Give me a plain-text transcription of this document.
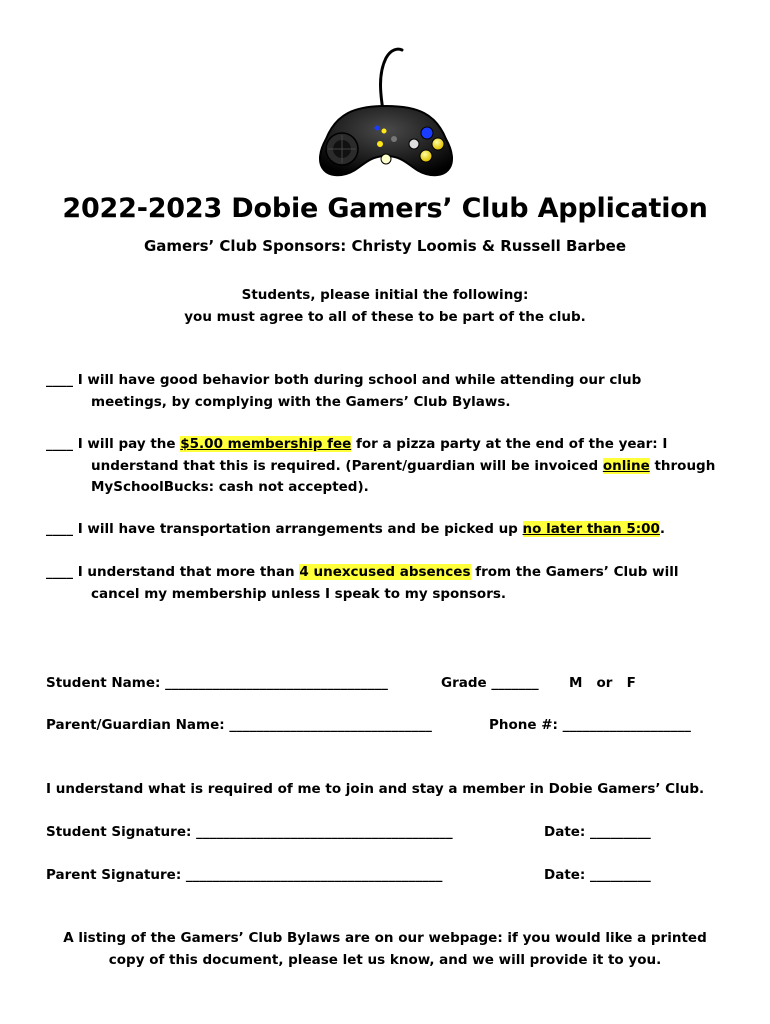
2022-2023 Dobie Gamers’ Club Application
Gamers’ Club Sponsors: Christy Loomis & Russell Barbee
Students, please initial the following:
you must agree to all of these to be part of the club.
____ I will have good behavior both during school and while attending our club
meetings, by complying with the Gamers’ Club Bylaws.
____ I will pay the $5.00 membership fee for a pizza party at the end of the year: I
understand that this is required. (Parent/guardian will be invoiced online through
MySchoolBucks: cash not accepted).
____ I will have transportation arrangements and be picked up no later than 5:00.
____ I understand that more than 4 unexcused absences from the Gamers’ Club will
cancel my membership unless I speak to my sponsors.
Student Name: _________________________________	Grade _______ M   or   F
Parent/Guardian Name: ______________________________	Phone #: ___________________
I understand what is required of me to join and stay a member in Dobie Gamers’ Club.
Student Signature: ______________________________________	Date: _________
Parent Signature: ______________________________________	Date: _________
A listing of the Gamers’ Club Bylaws are on our webpage: if you would like a printed
copy of this document, please let us know, and we will provide it to you.
